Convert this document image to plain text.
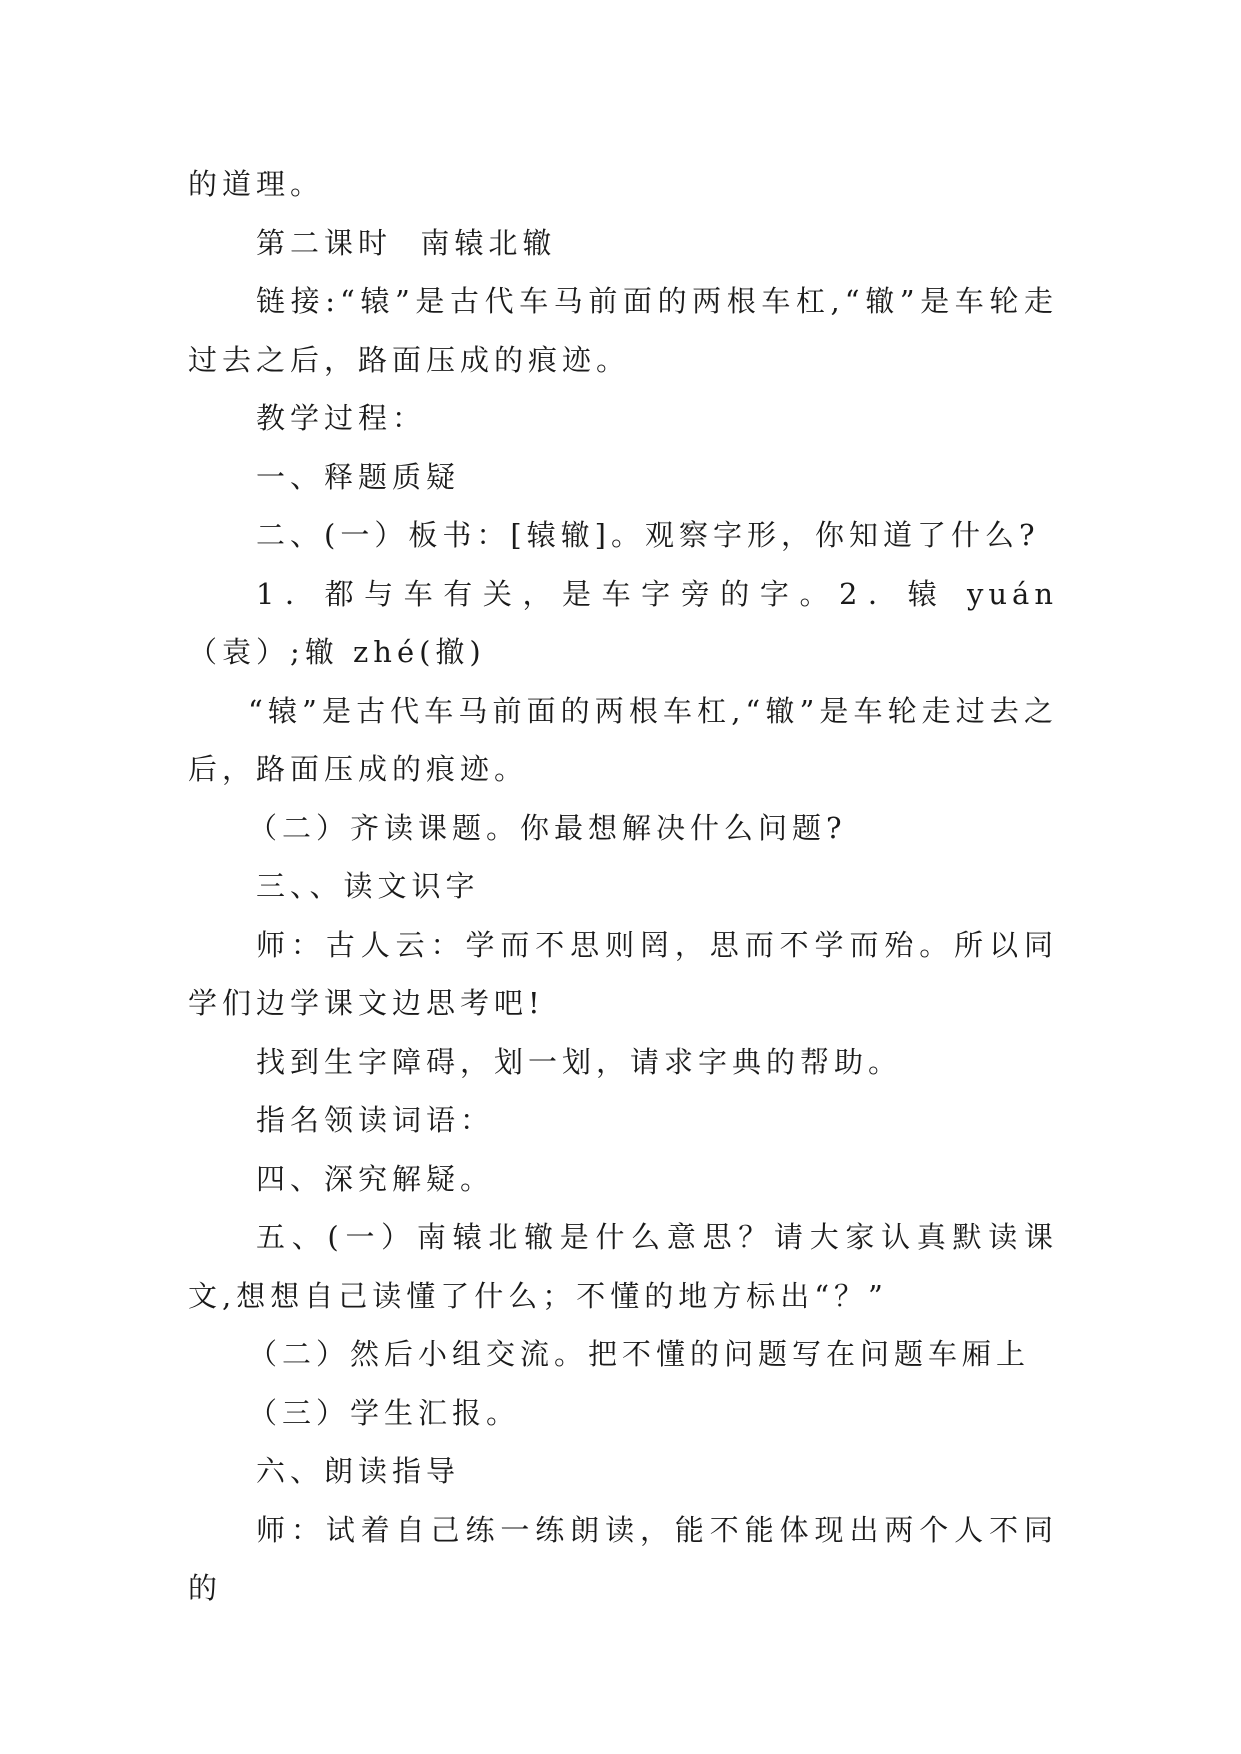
的道理。

第二课时  南辕北辙

链接:“辕”是古代车马前面的两根车杠,“辙”是车轮走过去之后，路面压成的痕迹。

教学过程：

一、释题质疑

二、(一）板书：[辕辙]。观察字形，你知道了什么?

1．都与车有关，是车字旁的字。2．辕 yuán（袁）;辙 zhé(撤)

“辕”是古代车马前面的两根车杠,“辙”是车轮走过去之后，路面压成的痕迹。

（二）齐读课题。你最想解决什么问题?

三、、读文识字

师：古人云：学而不思则罔，思而不学而殆。所以同学们边学课文边思考吧!

找到生字障碍，划一划，请求字典的帮助。

指名领读词语：

四、深究解疑。

五、(一）南辕北辙是什么意思？请大家认真默读课文,想想自己读懂了什么；不懂的地方标出“？”

（二）然后小组交流。把不懂的问题写在问题车厢上

（三）学生汇报。

六、朗读指导

师：试着自己练一练朗读，能不能体现出两个人不同的
